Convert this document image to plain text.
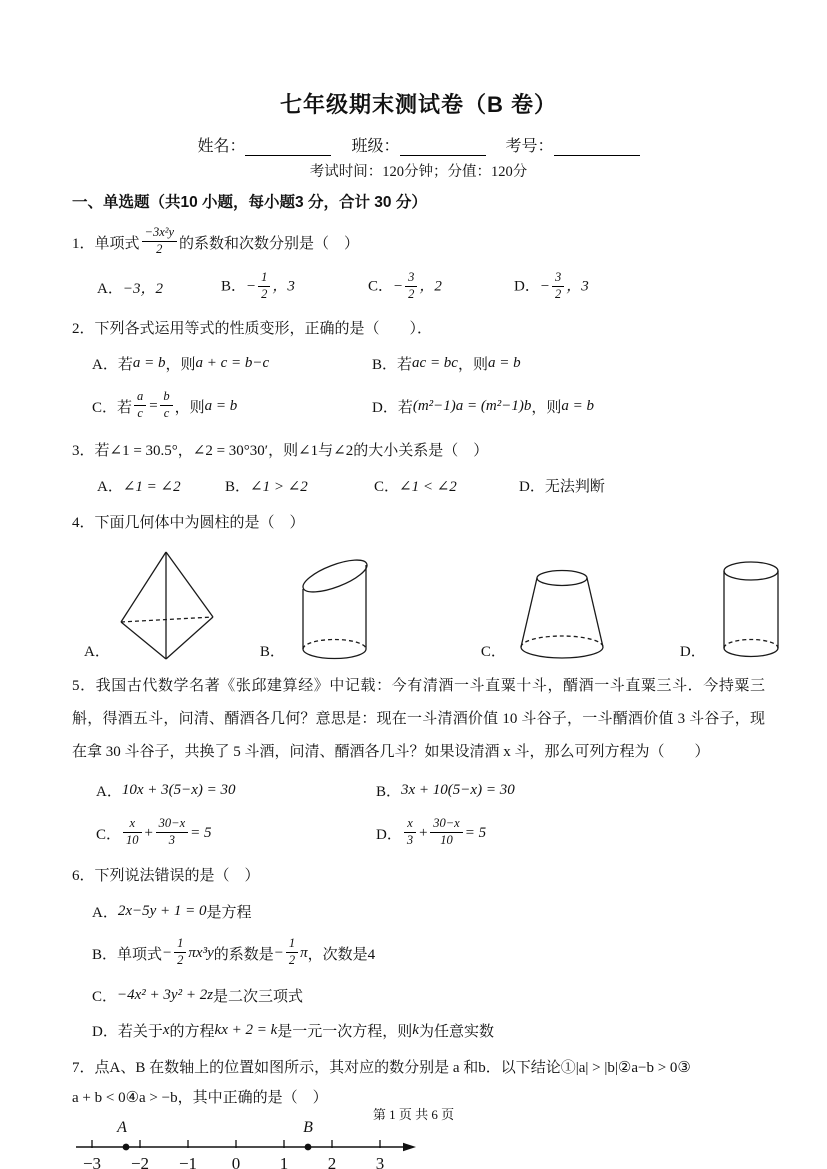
七年级期末测试卷（B 卷）
姓名：	班级：	考号：
考试时间：120分钟；分值：120分
一、单选题（共10 小题，每小题3 分，合计 30 分）
1．单项式 $\frac{\text{−3x²y}}{2}$ 的系数和次数分别是（　）
A．−3，2	B．− $\frac{1}{2}$ ，3	C．− $\frac{3}{2}$ ，2	D．− $\frac{3}{2}$ ，3
2．下列各式运用等式的性质变形，正确的是（　　）．
A． 若 a = b ，则 a + c = b−c	B． 若 ac = bc ，则 a = b
C． 若 $\frac{a}{c} = \frac{b}{c}$ ，则 a = b	D． 若 (m²−1)a = (m²−1)b ，则 a = b
3．若∠1 = 30.5°，∠2 = 30°30′，则∠1与∠2的大小关系是（　）
A．∠1 = ∠2	B．∠1 > ∠2	C．∠1 < ∠2	D．无法判断
4．下面几何体中为圆柱的是（　）
A．	B．	C．	D．
5．我国古代数学名著《张邱建算经》中记载：今有清酒一斗直粟十斗，醑酒一斗直粟三斗．今持粟三斛，得酒五斗，问清、醑酒各几何？意思是：现在一斗清酒价值 10 斗谷子，一斗醑酒价值 3 斗谷子，现在拿 30 斗谷子，共换了 5 斗酒，问清、醑酒各几斗？如果设清酒 x 斗，那么可列方程为（　　）
A． 10x + 3(5−x) = 30	B． 3x + 10(5−x) = 30
C． $\frac{x}{10} + \frac{30-x}{3} = 5$	D． $\frac{x}{3} + \frac{30-x}{10} = 5$
6．下列说法错误的是（　）
A． 2x−5y + 1 = 0 是方程
B． 单项式 − $\frac{1}{2} \pi x^3y$ 的系数是 − $\frac{1}{2}$ π ，次数是4
C． −4x² + 3y² + 2z 是二次三项式
D． 若关于 x 的方程 kx + 2 = k 是一元一次方程，则 k 为任意实数
7．点A、B 在数轴上的位置如图所示，其对应的数分别是 a 和b．以下结论①|a| > |b|②a−b > 0③
a + b < 0④a > −b，其中正确的是（　）
−3 −2 −1 0 1 2 3
A	B
第 1 页 共 6 页
